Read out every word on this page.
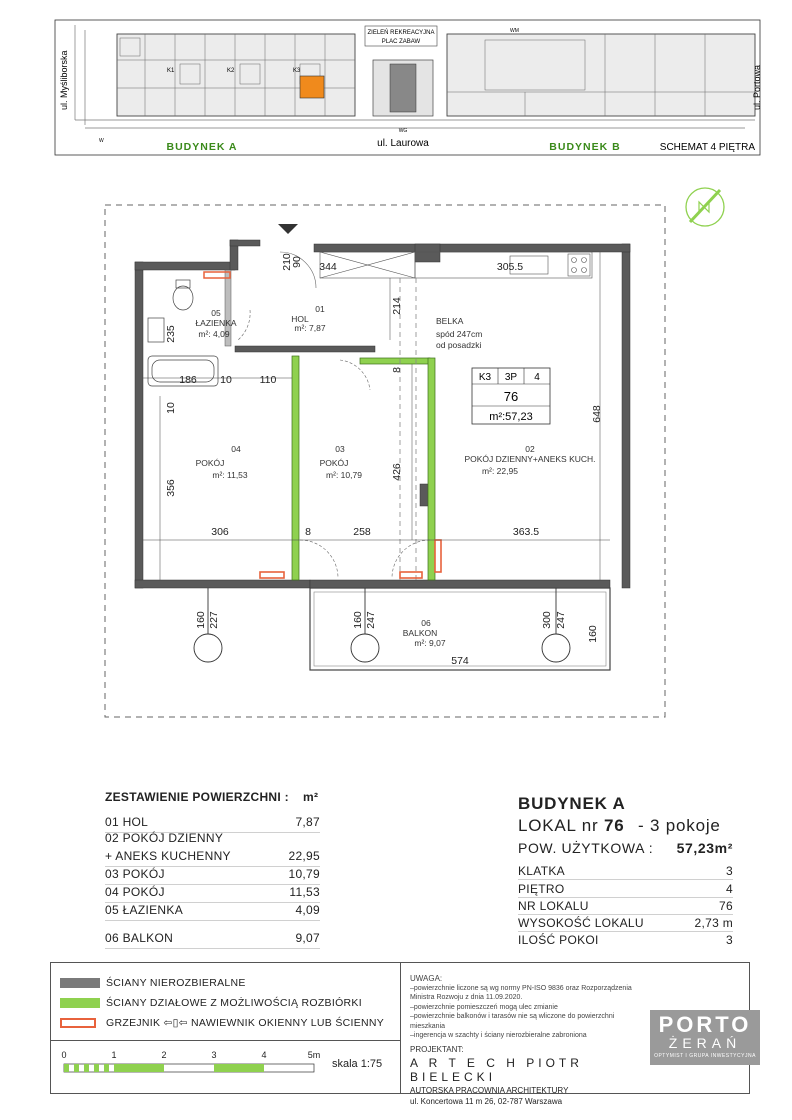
K1	K2	K3
ZIELEŃ REKREACYJNA
PLAC ZABAW
WG
WM
W
ul. Myśliborska	ul. Portowa
ul. Laurowa
BUDYNEK A	BUDYNEK B	SCHEMAT 4 PIĘTRA
K3 3P 4
76
m²:57,23
01
HOL
m²: 7,87
02
POKÓJ DZIENNY+ANEKS KUCH.
m²: 22,95
03
POKÓJ
m²: 10,79
04
POKÓJ
m²: 11,53
05
ŁAZIENKA
m²: 4,09
06
BALKON
m²: 9,07
BELKA
spód 247cm
od posadzki
344	305.5
186 10	110
306	8	258	363.5
574
214
235
10
8
648
356
426
160
160 227	160 247	300 247
210
90
ZESTAWIENIE POWIERZCHNI : m²
01 HOL	7,87
02 POKÓJ DZIENNY
+ ANEKS KUCHENNY	22,95
03 POKÓJ	10,79
04 POKÓJ	11,53
05 ŁAZIENKA	4,09
06 BALKON	9,07
BUDYNEK A
LOKAL nr 76 - 3 pokoje
POW. UŻYTKOWA : 57,23m²
KLATKA	3
PIĘTRO	4
NR LOKALU	76
WYSOKOŚĆ LOKALU	2,73 m
ILOŚĆ POKOI	3
ŚCIANY NIEROZBIERALNE
ŚCIANY DZIAŁOWE Z MOŻLIWOŚCIĄ ROZBIÓRKI
GRZEJNIK ⇦▯⇦ NAWIEWNIK OKIENNY LUB ŚCIENNY
0	1	2	3	4	5m
skala 1:75
UWAGA:
–powierzchnie liczone są wg normy PN-ISO 9836 oraz Rozporządzenia
Ministra Rozwoju z dnia 11.09.2020.
–powierzchnie pomieszczeń mogą ulec zmianie
–powierzchnie balkonów i tarasów nie są wliczone do powierzchni mieszkania
–ingerencja w szachty i ściany nierozbieralne zabroniona
PROJEKTANT:
A R T E C H PIOTR BIELECKI
AUTORSKA PRACOWNIA ARCHITEKTURY
ul. Koncertowa 11 m 26, 02-787 Warszawa
PORTO
ŻERAŃ
OPTYMIST I GRUPA INWESTYCYJNA
